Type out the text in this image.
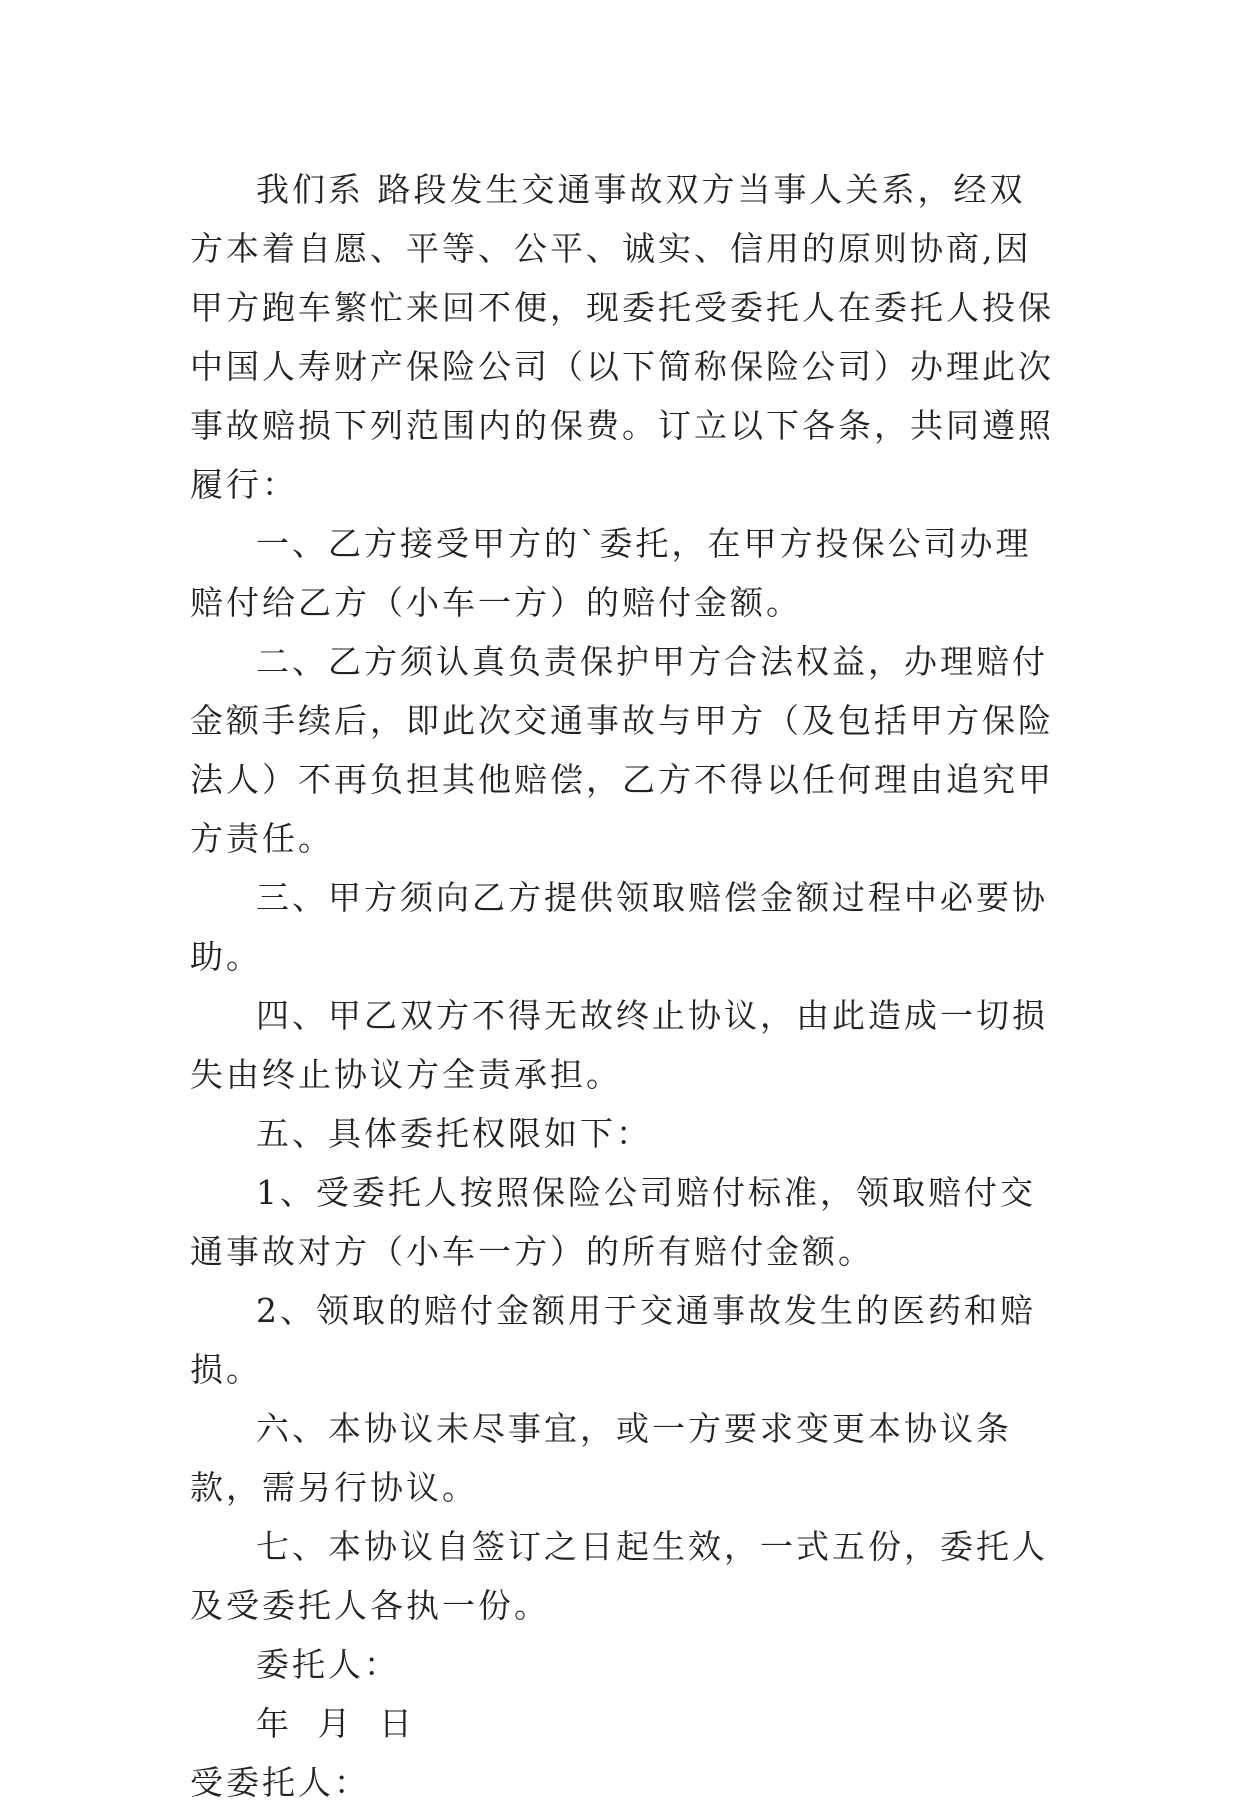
我们系 路段发生交通事故双方当事人关系，经双方本着自愿、平等、公平、诚实、信用的原则协商,因甲方跑车繁忙来回不便，现委托受委托人在委托人投保中国人寿财产保险公司（以下简称保险公司）办理此次事故赔损下列范围内的保费。订立以下各条，共同遵照履行：

一、乙方接受甲方的`委托，在甲方投保公司办理赔付给乙方（小车一方）的赔付金额。

二、乙方须认真负责保护甲方合法权益，办理赔付金额手续后，即此次交通事故与甲方（及包括甲方保险法人）不再负担其他赔偿，乙方不得以任何理由追究甲方责任。

三、甲方须向乙方提供领取赔偿金额过程中必要协助。

四、甲乙双方不得无故终止协议，由此造成一切损失由终止协议方全责承担。

五、具体委托权限如下：

1、受委托人按照保险公司赔付标准，领取赔付交通事故对方（小车一方）的所有赔付金额。

2、领取的赔付金额用于交通事故发生的医药和赔损。

六、本协议未尽事宜，或一方要求变更本协议条款，需另行协议。

七、本协议自签订之日起生效，一式五份，委托人及受委托人各执一份。

委托人：

年 月 日

受委托人：
